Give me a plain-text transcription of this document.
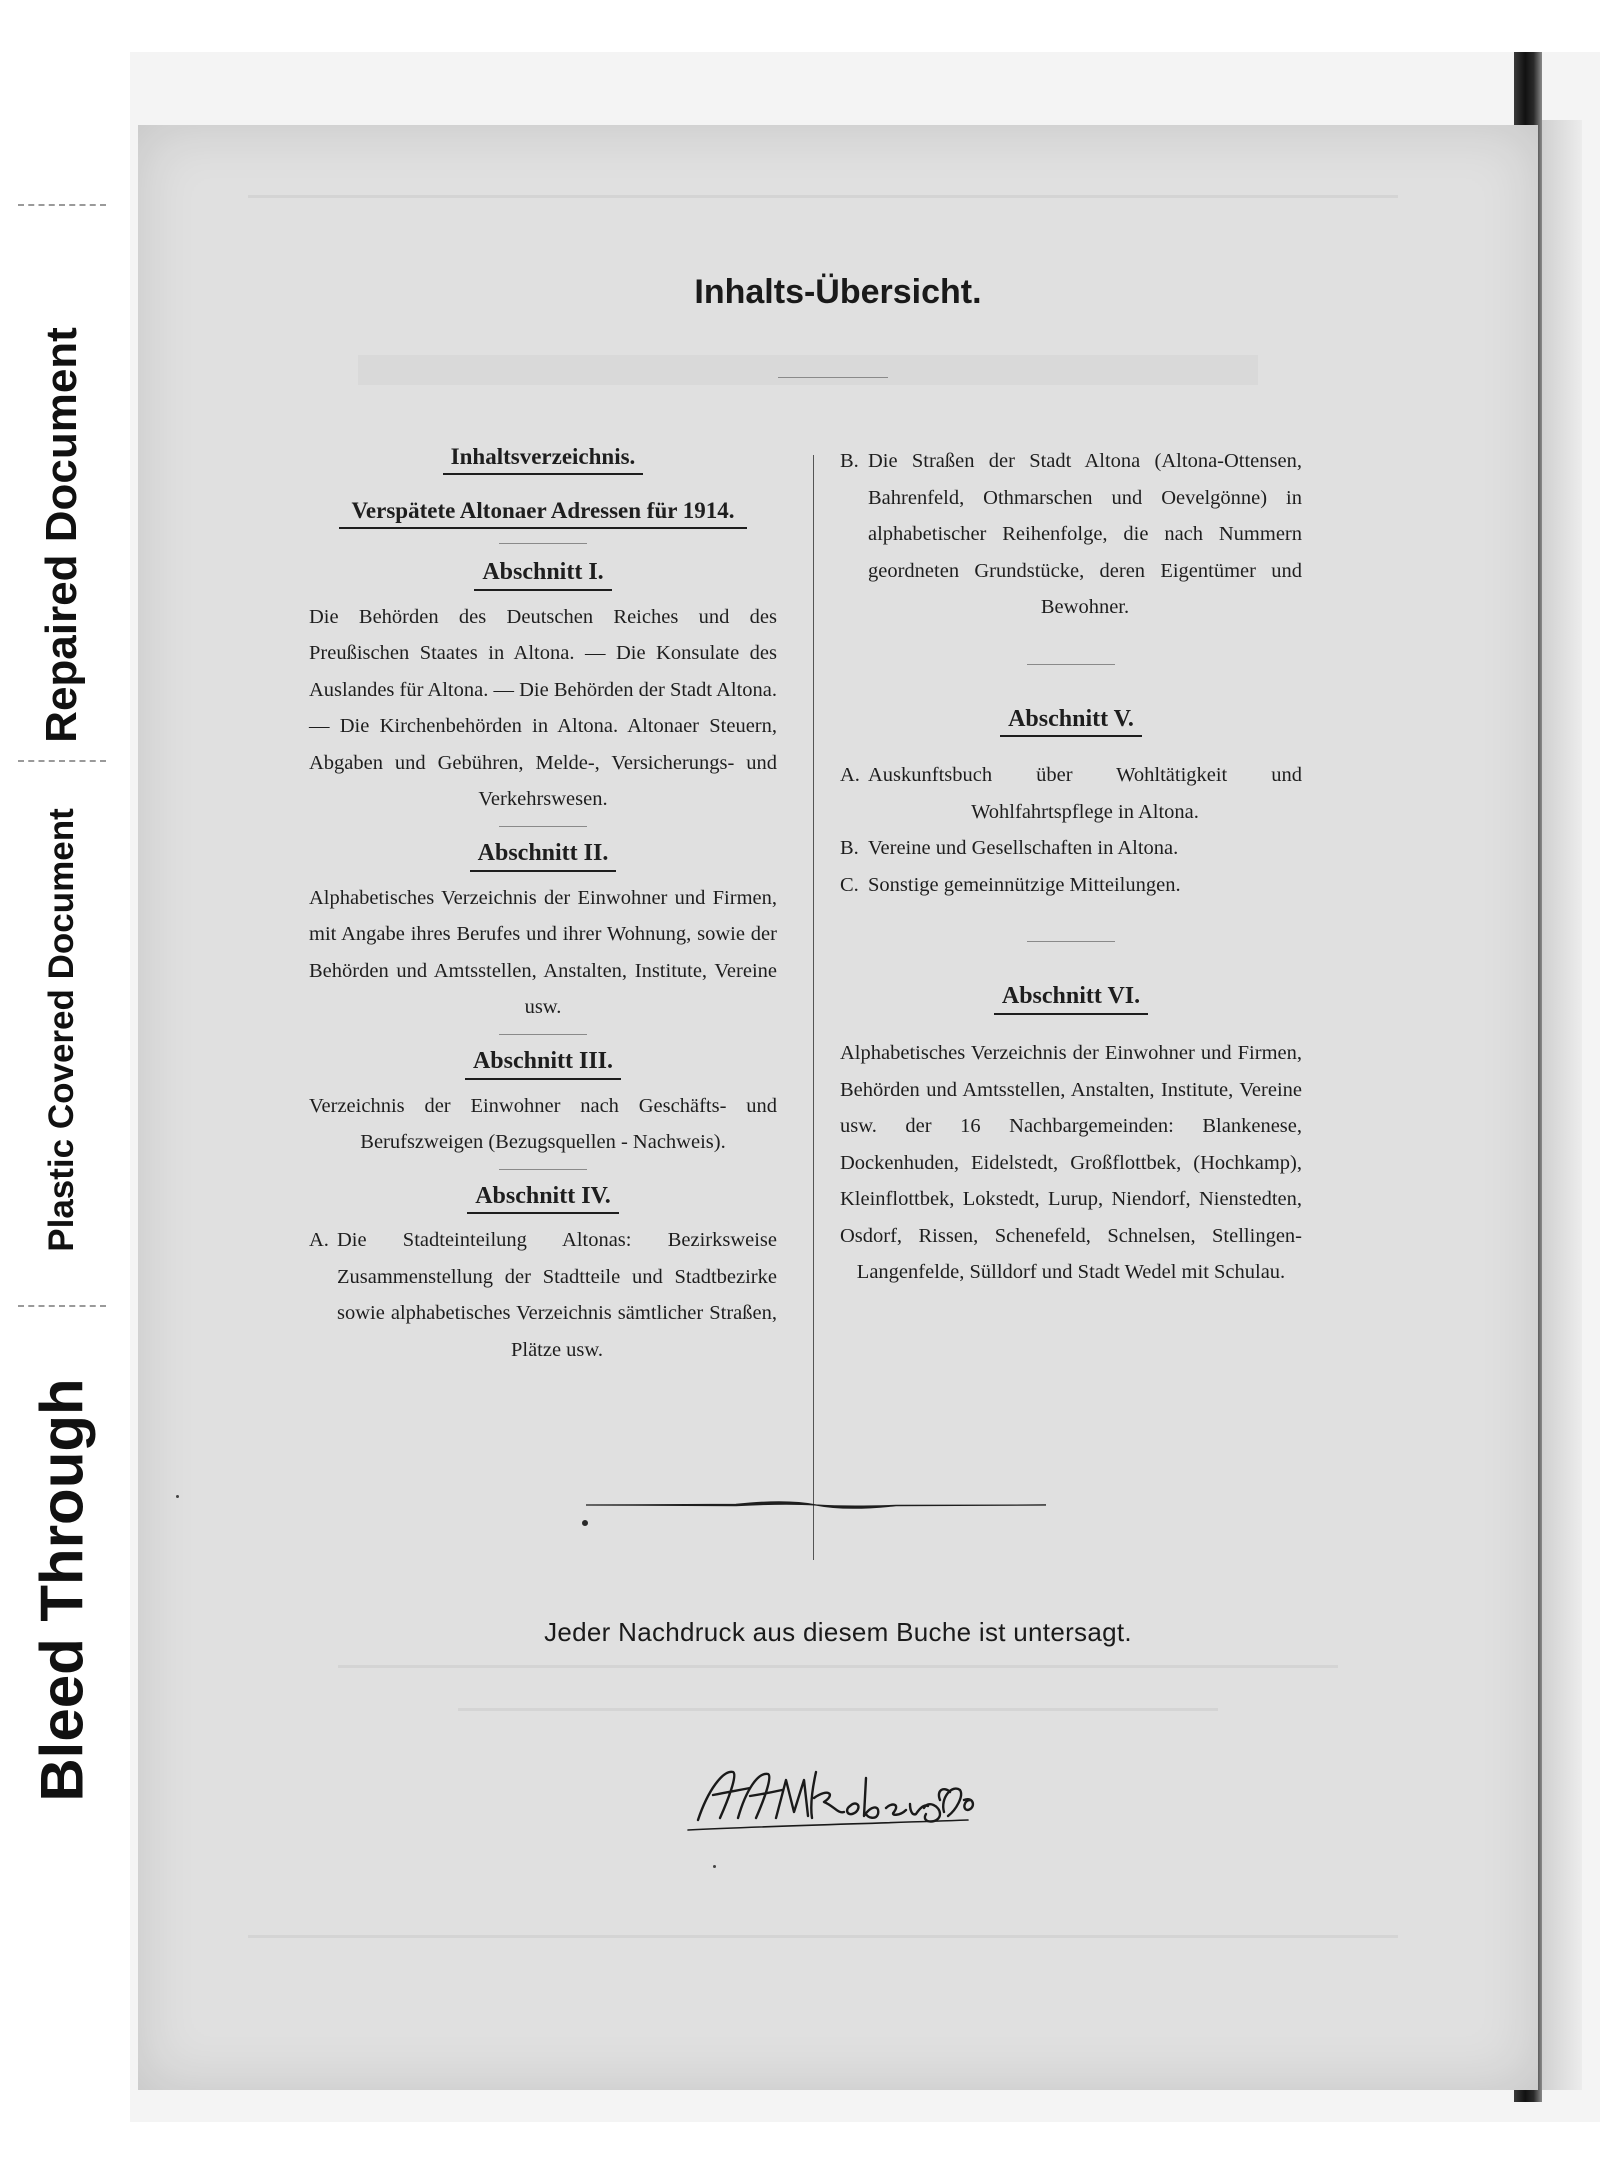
Repaired Document
Plastic Covered Document
Bleed Through
Inhalts-Übersicht.

Inhaltsverzeichnis.

Verspätete Altonaer Adressen für 1914.

Abschnitt I.

Die Behörden des Deutschen Reiches und des Preußischen Staates in Altona. — Die Konsulate des Auslandes für Altona. — Die Behörden der Stadt Altona. — Die Kirchenbehörden in Altona. Altonaer Steuern, Abgaben und Gebühren, Melde-, Versicherungs- und Verkehrswesen.

Abschnitt II.

Alphabetisches Verzeichnis der Einwohner und Firmen, mit Angabe ihres Berufes und ihrer Wohnung, sowie der Behörden und Amtsstellen, Anstalten, Institute, Vereine usw.

Abschnitt III.

Verzeichnis der Einwohner nach Geschäfts- und Berufszweigen (Bezugsquellen - Nachweis).

Abschnitt IV.

A. Die Stadteinteilung Altonas: Bezirksweise Zusammenstellung der Stadtteile und Stadtbezirke sowie alphabetisches Verzeichnis sämtlicher Straßen, Plätze usw.
B. Die Straßen der Stadt Altona (Altona-Ottensen, Bahrenfeld, Othmarschen und Oevelgönne) in alphabetischer Reihenfolge, die nach Nummern geordneten Grundstücke, deren Eigentümer und Bewohner.

Abschnitt V.

A. Auskunftsbuch über Wohltätigkeit und Wohlfahrtspflege in Altona.
B. Vereine und Gesellschaften in Altona.
C. Sonstige gemeinnützige Mitteilungen.

Abschnitt VI.

Alphabetisches Verzeichnis der Einwohner und Firmen, Behörden und Amtsstellen, Anstalten, Institute, Vereine usw. der 16 Nachbargemeinden: Blankenese, Dockenhuden, Eidelstedt, Großflottbek, (Hochkamp), Kleinflottbek, Lokstedt, Lurup, Niendorf, Nienstedten, Osdorf, Rissen, Schenefeld, Schnelsen, Stellingen-Langenfelde, Sülldorf und Stadt Wedel mit Schulau.

Jeder Nachdruck aus diesem Buche ist untersagt.
